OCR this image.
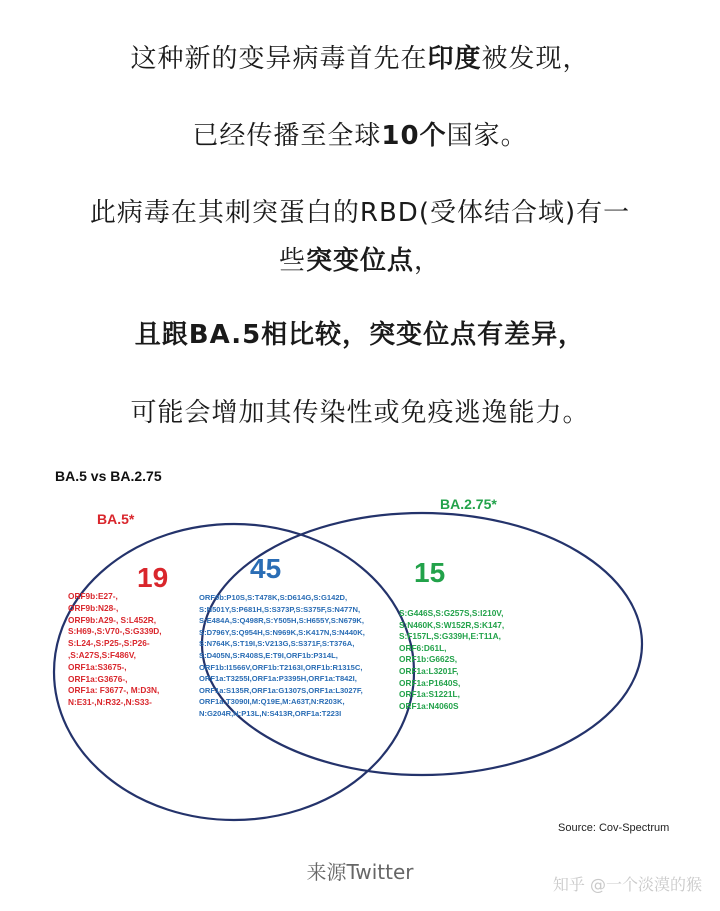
这种新的变异病毒首先在印度被发现，
已经传播至全球10个国家。
此病毒在其刺突蛋白的RBD(受体结合域)有一
些突变位点，
且跟BA.5相比较，突变位点有差异，
可能会增加其传染性或免疫逃逸能力。
BA.5 vs BA.2.75
BA.5*
BA.2.75*
19	45	15
ORF9b:E27-,
ORF9b:N28-,
ORF9b:A29-, S:L452R,
S:H69-,S:V70-,S:G339D,
S:L24-,S:P25-,S:P26-
,S:A27S,S:F486V,
ORF1a:S3675-,
ORF1a:G3676-,
ORF1a: F3677-, M:D3N,
N:E31-,N:R32-,N:S33-
ORF9b:P10S,S:T478K,S:D614G,S:G142D,
S:N501Y,S:P681H,S:S373P,S:S375F,S:N477N,
S:E484A,S:Q498R,S:Y505H,S:H655Y,S:N679K,
S:D796Y,S:Q954H,S:N969K,S:K417N,S:N440K,
S:N764K,S:T19I,S:V213G,S:S371F,S:T376A,
S:D405N,S:R408S,E:T9I,ORF1b:P314L,
ORF1b:I1566V,ORF1b:T2163I,ORF1b:R1315C,
ORF1a:T3255I,ORF1a:P3395H,ORF1a:T842I,
ORF1a:S135R,ORF1a:G1307S,ORF1a:L3027F,
ORF1a:T3090I,M:Q19E,M:A63T,N:R203K,
N:G204R,N:P13L,N:S413R,ORF1a:T223I
S:G446S,S:G257S,S:I210V,
S:N460K,S:W152R,S:K147,
S:F157L,S:G339H,E:T11A,
ORF6:D61L,
ORF1b:G662S,
ORF1a:L3201F,
ORF1a:P1640S,
ORF1a:S1221L,
ORF1a:N4060S
Source: Cov-Spectrum
来源Twitter
知乎 @一个淡漠的猴
